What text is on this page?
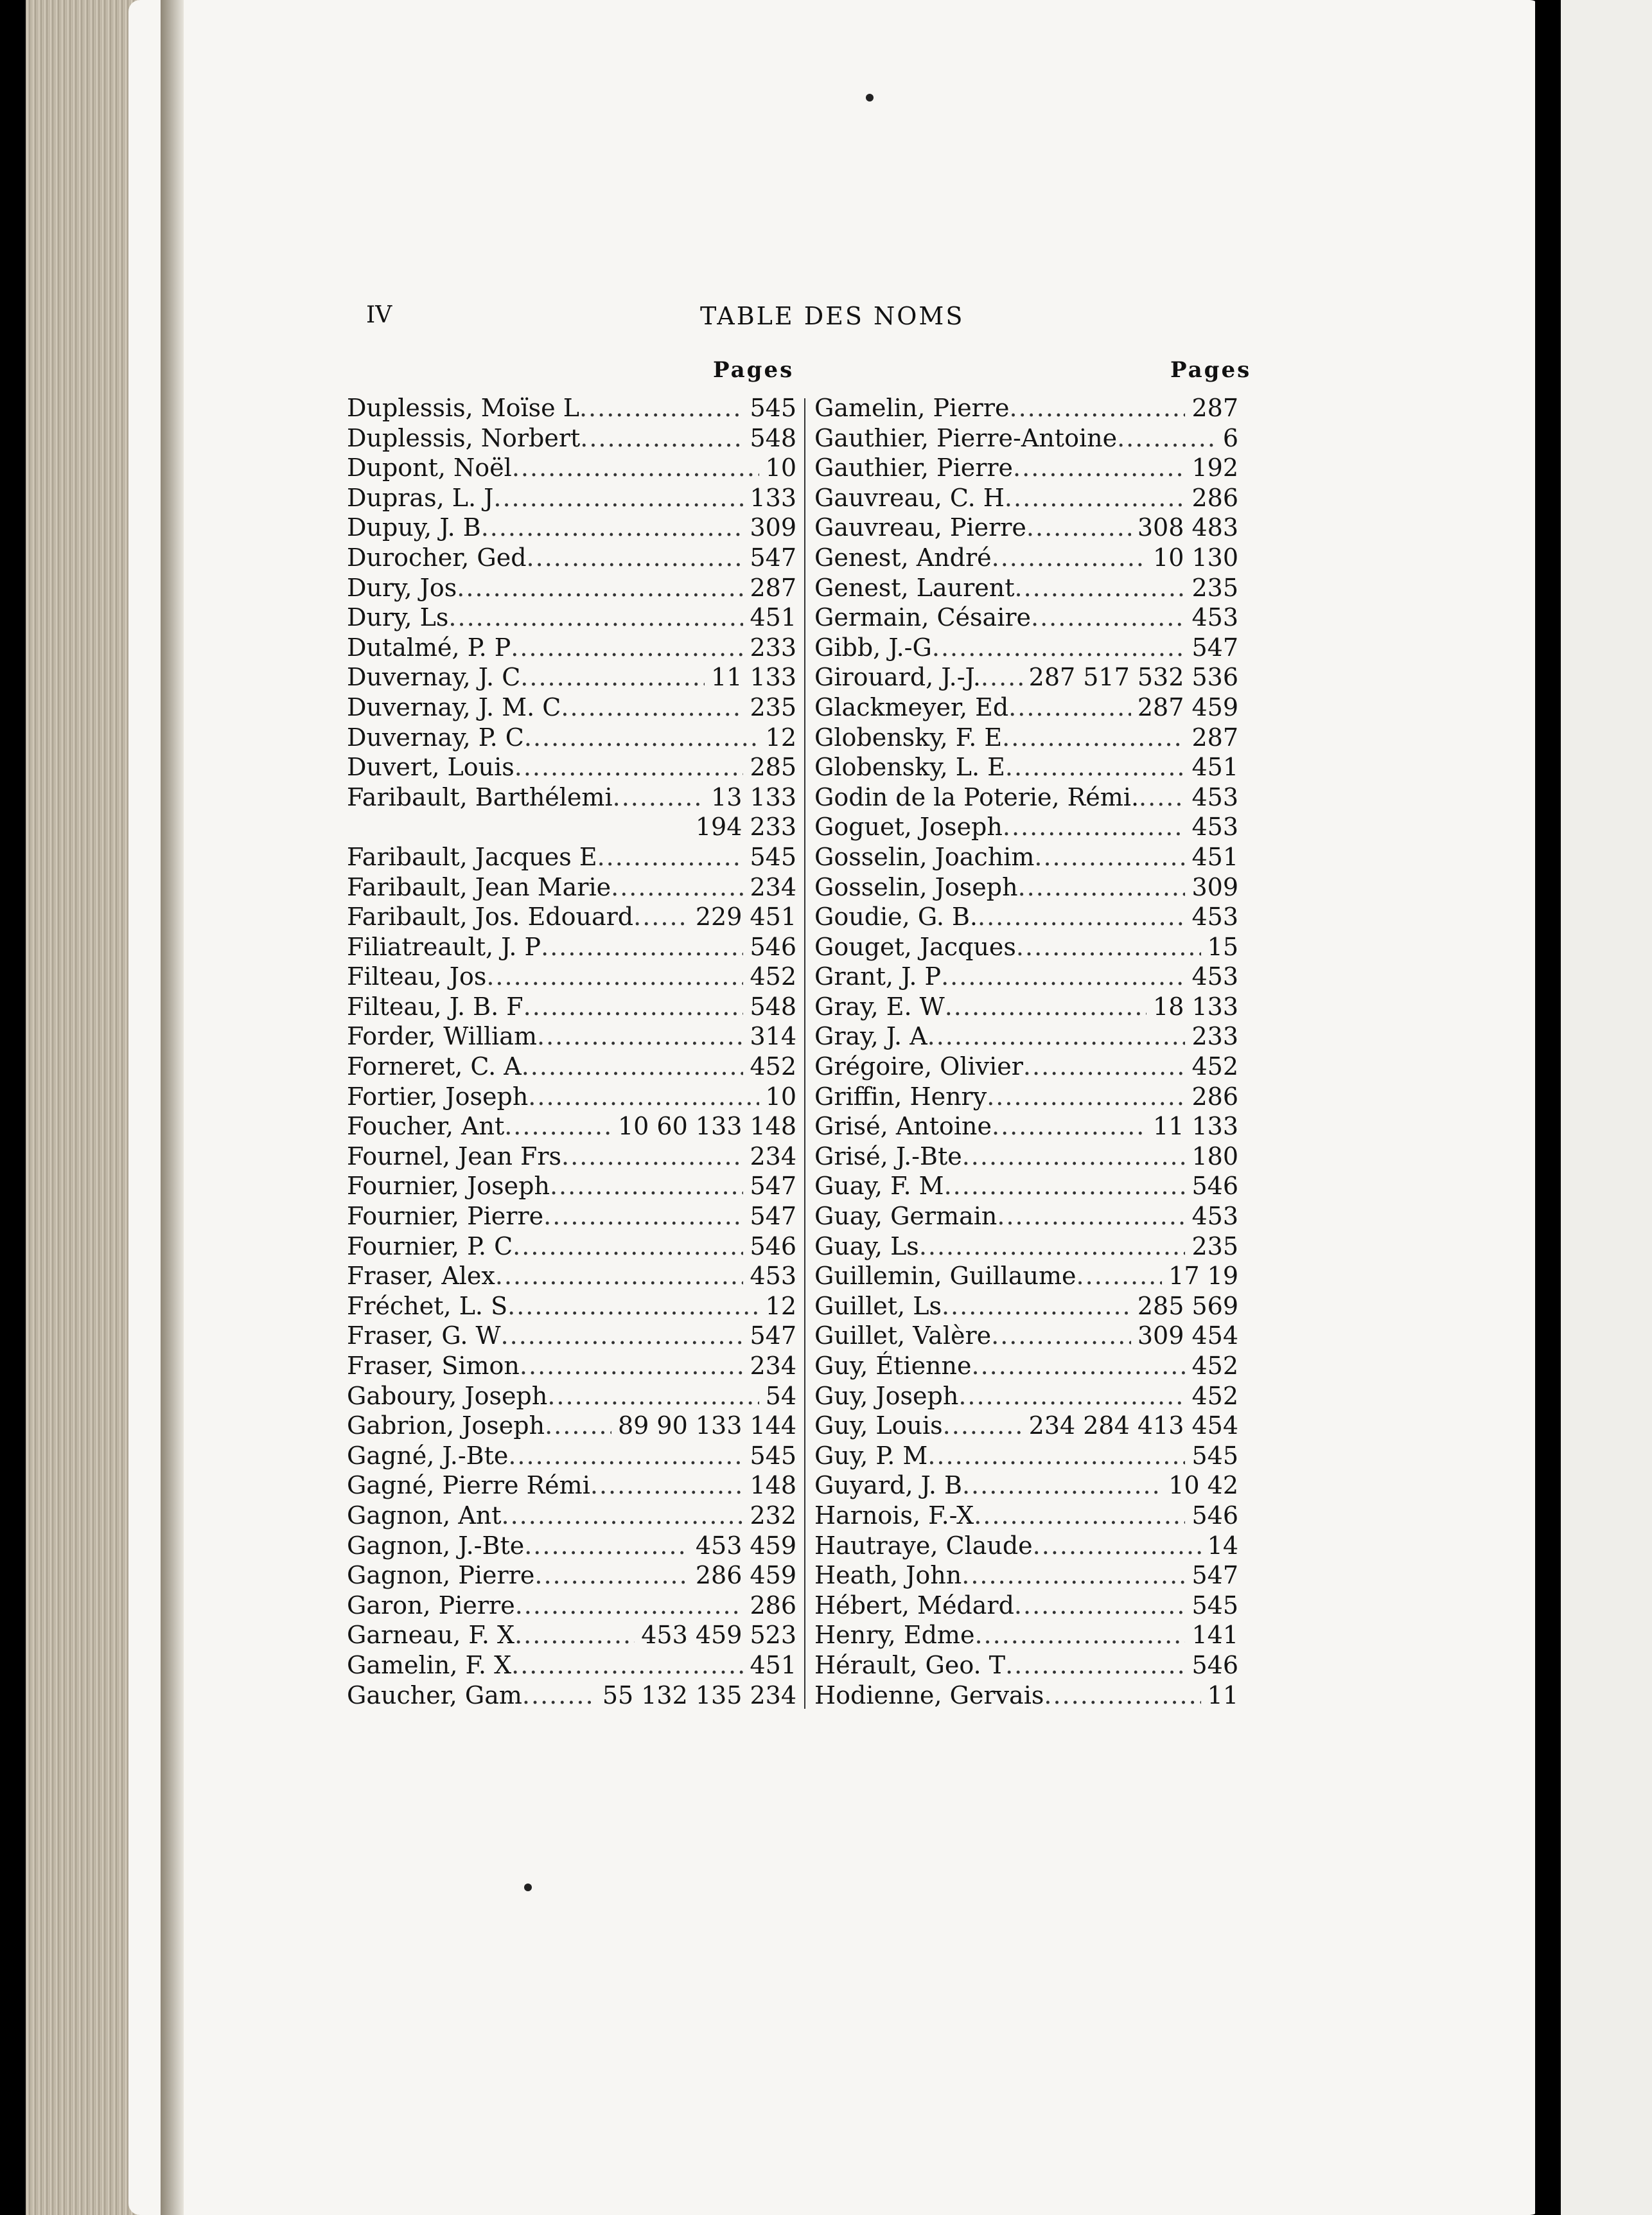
IV	TABLE DES NOMS
Pages	Pages
Duplessis, Moïse L .....	545
Duplessis, Norbert .....	548
Dupont, Noël .....	10
Dupras, L. J .....	133
Dupuy, J. B .....	309
Durocher, Ged .....	547
Dury, Jos .....	287
Dury, Ls .....	451
Dutalmé, P. P .....	233
Duvernay, J. C .....	11 133
Duvernay, J. M. C .....	235
Duvernay, P. C .....	12
Duvert, Louis .....	285
Faribault, Barthélemi .....	13 133
194 233
Faribault, Jacques E .....	545
Faribault, Jean Marie .....	234
Faribault, Jos. Edouard .....	229 451
Filiatreault, J. P .....	546
Filteau, Jos .....	452
Filteau, J. B. F .....	548
Forder, William .....	314
Forneret, C. A .....	452
Fortier, Joseph .....	10
Foucher, Ant .....	10 60 133 148
Fournel, Jean Frs .....	234
Fournier, Joseph .....	547
Fournier, Pierre .....	547
Fournier, P. C .....	546
Fraser, Alex .....	453
Fréchet, L. S .....	12
Fraser, G. W .....	547
Fraser, Simon .....	234
Gaboury, Joseph .....	54
Gabrion, Joseph .....	89 90 133 144
Gagné, J.-Bte .....	545
Gagné, Pierre Rémi .....	148
Gagnon, Ant .....	232
Gagnon, J.-Bte .....	453 459
Gagnon, Pierre .....	286 459
Garon, Pierre .....	286
Garneau, F. X .....	453 459 523
Gamelin, F. X .....	451
Gaucher, Gam .....	55 132 135 234
Gamelin, Pierre .....	287
Gauthier, Pierre-Antoine .....	6
Gauthier, Pierre .....	192
Gauvreau, C. H .....	286
Gauvreau, Pierre .....	308 483
Genest, André .....	10 130
Genest, Laurent .....	235
Germain, Césaire .....	453
Gibb, J.-G .....	547
Girouard, J.-J. ..... 287 517 532 536
Glackmeyer, Ed .....	287 459
Globensky, F. E .....	287
Globensky, L. E .....	451
Godin de la Poterie, Rémi. ..... 453
Goguet, Joseph .....	453
Gosselin, Joachim .....	451
Gosselin, Joseph .....	309
Goudie, G. B. .....	453
Gouget, Jacques .....	15
Grant, J. P .....	453
Gray, E. W .....	18 133
Gray, J. A .....	233
Grégoire, Olivier .....	452
Griffin, Henry .....	286
Grisé, Antoine .....	11 133
Grisé, J.-Bte .....	180
Guay, F. M .....	546
Guay, Germain .....	453
Guay, Ls .....	235
Guillemin, Guillaume .....	17 19
Guillet, Ls .....	285 569
Guillet, Valère .....	309 454
Guy, Étienne .....	452
Guy, Joseph .....	452
Guy, Louis .....	234 284 413 454
Guy, P. M .....	545
Guyard, J. B .....	10 42
Harnois, F.-X .....	546
Hautraye, Claude .....	14
Heath, John .....	547
Hébert, Médard .....	545
Henry, Edme .....	141
Hérault, Geo. T .....	546
Hodienne, Gervais .....	11
